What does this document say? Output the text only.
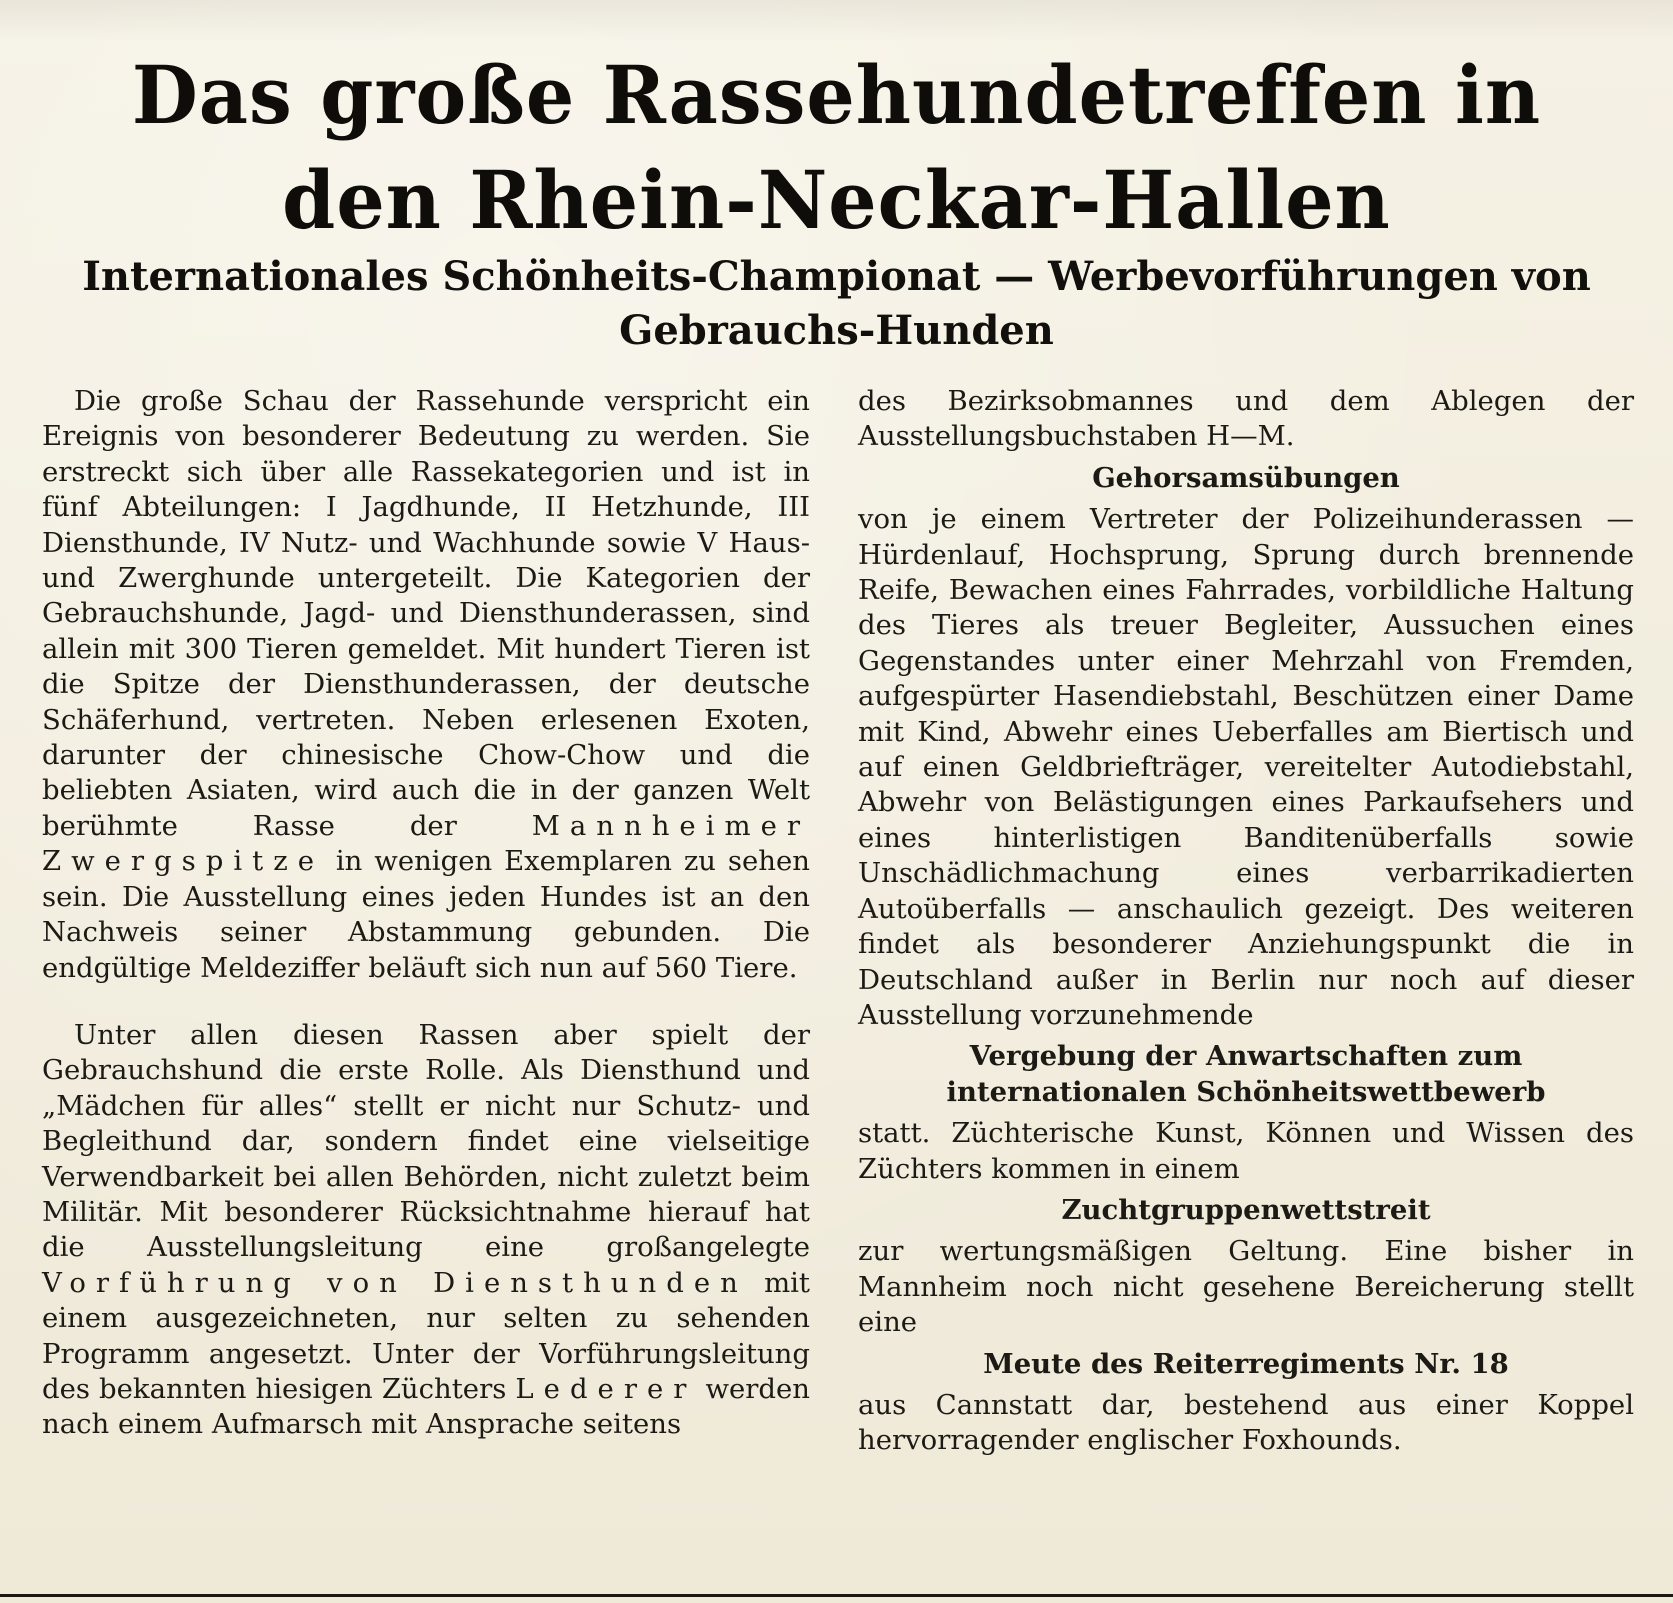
Das große Rassehundetreffen in den Rhein-Neckar-Hallen
Internationales Schönheits-Championat — Werbevorführungen von Gebrauchs-Hunden

Die große Schau der Rassehunde verspricht ein Ereignis von besonderer Bedeutung zu werden. Sie erstreckt sich über alle Rassekategorien und ist in fünf Abteilungen: I Jagdhunde, II Hetzhunde, III Diensthunde, IV Nutz- und Wachhunde sowie V Haus- und Zwerghunde untergeteilt. Die Kategorien der Gebrauchshunde, Jagd- und Diensthunderassen, sind allein mit 300 Tieren gemeldet. Mit hundert Tieren ist die Spitze der Diensthunderassen, der deutsche Schäferhund, vertreten. Neben erlesenen Exoten, darunter der chinesische Chow-Chow und die beliebten Asiaten, wird auch die in der ganzen Welt berühmte Rasse der	Mannheimer Zwergspitze in wenigen Exemplaren zu sehen sein. Die Ausstellung eines jeden Hundes ist an den Nachweis seiner Abstammung gebunden. Die endgültige Meldeziffer beläuft sich nun auf 560 Tiere.

Unter allen diesen Rassen aber spielt der Gebrauchshund die erste Rolle. Als Diensthund und „Mädchen für alles“ stellt er nicht nur Schutz- und Begleithund dar, sondern findet eine vielseitige Verwendbarkeit bei allen Behörden, nicht zuletzt beim Militär. Mit besonderer Rücksichtnahme hierauf hat die Ausstellungsleitung eine großangelegte Vorführung von Diensthunden mit einem ausgezeichneten, nur selten zu sehenden Programm angesetzt. Unter der Vorführungsleitung des bekannten hiesigen Züchters Lederer werden nach einem Aufmarsch mit Ansprache seitens

des Bezirksobmannes und dem Ablegen der Ausstellungsbuchstaben H—M.

Gehorsamsübungen

von je einem Vertreter der Polizeihunderassen — Hürdenlauf, Hochsprung, Sprung durch brennende Reife, Bewachen eines Fahrrades, vorbildliche Haltung des Tieres als treuer Begleiter, Aussuchen eines Gegenstandes unter einer Mehrzahl von Fremden, aufgespürter Hasendiebstahl, Beschützen einer Dame mit Kind, Abwehr eines Ueberfalles am Biertisch und auf einen Geldbriefträger, vereitelter Autodiebstahl, Abwehr von Belästigungen eines Parkaufsehers und eines hinterlistigen Banditenüberfalls sowie Unschädlichmachung eines verbarrikadierten Autoüberfalls — anschaulich gezeigt. Des weiteren findet als besonderer Anziehungspunkt die in Deutschland außer in Berlin nur noch auf dieser Ausstellung vorzunehmende

Vergebung der Anwartschaften zum internationalen Schönheitswettbewerb

statt. Züchterische Kunst, Können und Wissen des Züchters kommen in einem

Zuchtgruppenwettstreit

zur wertungsmäßigen Geltung. Eine bisher in Mannheim noch nicht gesehene Bereicherung stellt eine

Meute des Reiterregiments Nr. 18

aus Cannstatt dar, bestehend aus einer Koppel hervorragender englischer Foxhounds.
